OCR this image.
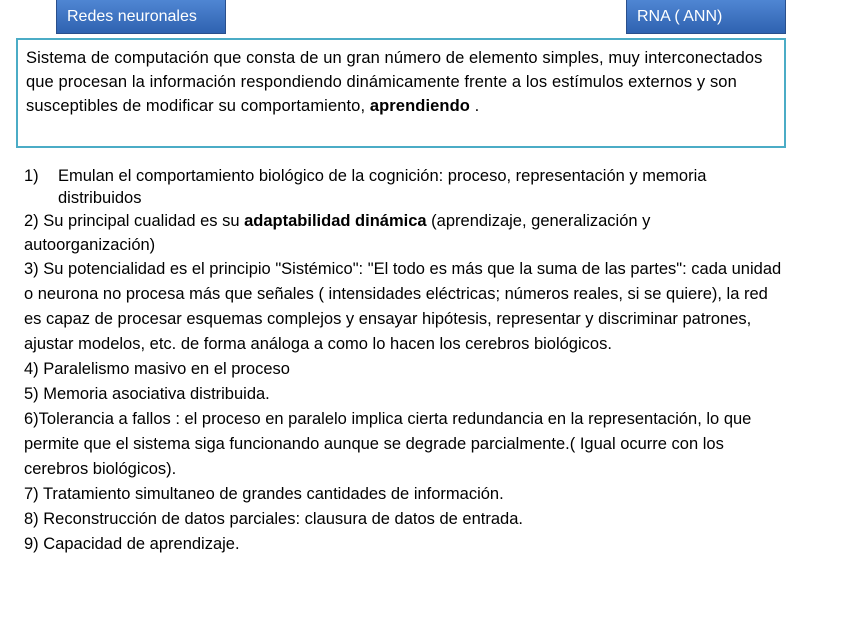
Redes neuronales	RNA ( ANN)
Sistema de computación que consta de un gran número de elemento simples, muy interconectados que procesan la información respondiendo dinámicamente frente a los estímulos externos y son susceptibles de modificar su comportamiento, aprendiendo .
1)	Emulan el comportamiento biológico de la cognición: proceso, representación y memoria distribuidos

2) Su principal cualidad es su adaptabilidad dinámica (aprendizaje, generalización y autoorganización)

3) Su potencialidad es el principio "Sistémico": "El todo es más que la suma de las partes": cada unidad o neurona no procesa más que señales ( intensidades eléctricas; números reales, si se quiere), la red es capaz de procesar esquemas complejos y ensayar hipótesis, representar y discriminar patrones, ajustar modelos, etc. de forma análoga a como lo hacen los cerebros biológicos.

4) Paralelismo masivo en el proceso

5) Memoria asociativa distribuida.

6)Tolerancia a fallos : el proceso en paralelo implica cierta redundancia en la representación, lo que permite que el sistema siga funcionando aunque se degrade parcialmente.( Igual ocurre con los cerebros biológicos).

7) Tratamiento simultaneo de grandes cantidades de información.

8) Reconstrucción de datos parciales: clausura de datos de entrada.

9) Capacidad de aprendizaje.
